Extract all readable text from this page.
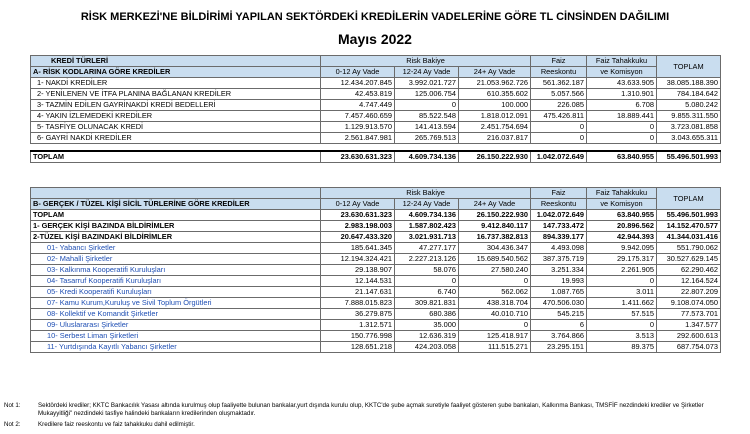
RİSK MERKEZİ'NE BİLDİRİMİ YAPILAN SEKTÖRDEKİ KREDİLERİN VADELERİNE GÖRE TL CİNSİNDEN DAĞILIMI
Mayıs 2022
KREDİ TÜRLERİ	Risk Bakiye			Faiz	Faiz Tahakkuku	TOPLAM
A- RİSK KODLARINA GÖRE KREDİLER	0-12 Ay Vade	12-24 Ay Vade	24+ Ay Vade	Reeskontu	ve Komisyon	
1- NAKDİ KREDİLER	12.434.207.845	3.992.021.727	21.053.962.726	561.362.187	43.633.905	38.085.188.390
2- YENİLENEN VE İTFA PLANINA BAĞLANAN KREDİLER	42.453.819	125.006.754	610.355.602	5.057.566	1.310.901	784.184.642
3- TAZMİN EDİLEN GAYRİNAKDİ KREDİ BEDELLERİ	4.747.449	0	100.000	226.085	6.708	5.080.242
4- YAKIN İZLEMEDEKİ KREDİLER	7.457.460.659	85.522.548	1.818.012.091	475.426.811	18.889.441	9.855.311.550
5- TASFİYE OLUNACAK KREDİ	1.129.913.570	141.413.594	2.451.754.694	0	0	3.723.081.858
6- GAYRİ NAKDİ KREDİLER	2.561.847.981	265.769.513	216.037.817	0	0	3.043.655.311

TOPLAM	23.630.631.323	4.609.734.136	26.150.222.930	1.042.072.649	63.840.955	55.496.501.993
	Risk Bakiye			Faiz	Faiz Tahakkuku	TOPLAM
B- GERÇEK / TÜZEL KİŞİ SİCİL TÜRLERİNE GÖRE KREDİLER	0-12 Ay Vade	12-24 Ay Vade	24+ Ay Vade	Reeskontu	ve Komisyon	
TOPLAM	23.630.631.323	4.609.734.136	26.150.222.930	1.042.072.649	63.840.955	55.496.501.993
1- GERÇEK KİŞİ BAZINDA BİLDİRİMLER	2.983.198.003	1.587.802.423	9.412.840.117	147.733.472	20.896.562	14.152.470.577
2-TÜZEL KİŞİ BAZINDAKİ BİLDİRİMLER	20.647.433.320	3.021.931.713	16.737.382.813	894.339.177	42.944.393	41.344.031.416
01- Yabancı Şirketler	185.641.345	47.277.177	304.436.347	4.493.098	9.942.095	551.790.062
02- Mahalli Şirketler	12.194.324.421	2.227.213.126	15.689.540.562	387.375.719	29.175.317	30.527.629.145
03- Kalkınma Kooperatifi Kuruluşları	29.138.907	58.076	27.580.240	3.251.334	2.261.905	62.290.462
04- Tasarruf Kooperatifi Kuruluşları	12.144.531	0	0	19.993	0	12.164.524
05- Kredi Kooperatifi Kuruluşları	21.147.631	6.740	562.062	1.087.765	3.011	22.807.209
07- Kamu Kurum,Kuruluş ve Sivil Toplum Örgütleri	7.888.015.823	309.821.831	438.318.704	470.506.030	1.411.662	9.108.074.050
08- Kollektif ve Komandit Şirketler	36.279.875	680.386	40.010.710	545.215	57.515	77.573.701
09- Uluslararası Şirketler	1.312.571	35.000	0	6	0	1.347.577
10- Serbest Liman Şirketleri	150.776.998	12.636.319	125.418.917	3.764.866	3.513	292.600.613
11- Yurtdışında Kayıtlı Yabancı Şirketler	128.651.218	424.203.058	111.515.271	23.295.151	89.375	687.754.073
Not 1:	Sektördeki krediler; KKTC Bankacılık Yasası altında kurulmuş olup faaliyette bulunan bankalar,yurt dışında kurulu olup, KKTC'de şube açmak suretiyle faaliyet gösteren şube bankaları, Kalkınma Bankası, TMSFİF nezdindeki krediler ve Şirketler Mukayyitliği" nezdindeki tasfiye halindeki bankaların kredilerinden oluşmaktadır.
Not 2:	Kredilere faiz reeskontu ve faiz tahakkuku dahil edilmiştir.
